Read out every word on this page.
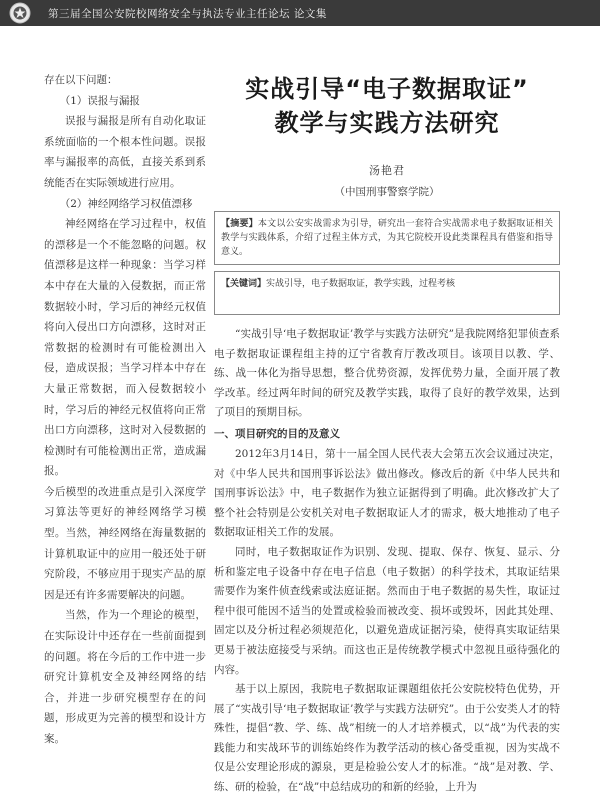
第三届全国公安院校网络安全与执法专业主任论坛 论文集

存在以下问题：

（1）误报与漏报

误报与漏报是所有自动化取证系统面临的一个根本性问题。误报率与漏报率的高低，直接关系到系统能否在实际领域进行应用。

（2）神经网络学习权值漂移

神经网络在学习过程中，权值的漂移是一个不能忽略的问题。权值漂移是这样一种现象：当学习样本中存在大量的入侵数据，而正常数据较小时，学习后的神经元权值将向入侵出口方向漂移，这时对正常数据的检测时有可能检测出入侵，造成误报；当学习样本中存在大量正常数据，而入侵数据较小时，学习后的神经元权值将向正常出口方向漂移，这时对入侵数据的检测时有可能检测出正常，造成漏报。

今后模型的改进重点是引入深度学习算法等更好的神经网络学习模型。当然，神经网络在海量数据的计算机取证中的应用一般还处于研究阶段，不够应用于现实产品的原因是还有许多需要解决的问题。

当然，作为一个理论的模型，在实际设计中还存在一些前面提到的问题。将在今后的工作中进一步研究计算机安全及神经网络的结合，并进一步研究模型存在的问题，形成更为完善的模型和设计方案。

实战引导“电子数据取证”
教学与实践方法研究
汤艳君
（中国刑事警察学院）

【摘要】本文以公安实战需求为引导，研究出一套符合实战需求电子数据取证相关教学与实践体系，介绍了过程主体方式，为其它院校开设此类课程具有借鉴和指导意义。

【关键词】实战引导，电子数据取证，教学实践，过程考核

“实战引导‘电子数据取证’教学与实践方法研究”是我院网络犯罪侦查系电子数据取证课程组主持的辽宁省教育厅教改项目。该项目以教、学、练、战一体化为指导思想，整合优势资源，发挥优势力量，全面开展了教学改革。经过两年时间的研究及教学实践，取得了良好的教学效果，达到了项目的预期目标。

一、项目研究的目的及意义

2012年3月14日，第十一届全国人民代表大会第五次会议通过决定，对《中华人民共和国刑事诉讼法》做出修改。修改后的新《中华人民共和国刑事诉讼法》中，电子数据作为独立证据得到了明确。此次修改扩大了整个社会特别是公安机关对电子数据取证人才的需求，极大地推动了电子数据取证相关工作的发展。

同时，电子数据取证作为识别、发现、提取、保存、恢复、显示、分析和鉴定电子设备中存在电子信息（电子数据）的科学技术，其取证结果需要作为案件侦查线索或法庭证据。然而由于电子数据的易失性，取证过程中很可能因不适当的处置或检验而被改变、损坏或毁坏，因此其处理、固定以及分析过程必须规范化，以避免造成证据污染，使得真实取证结果更易于被法庭接受与采纳。而这也正是传统教学模式中忽视且亟待强化的内容。

基于以上原因，我院电子数据取证课题组依托公安院校特色优势，开展了“实战引导‘电子数据取证’教学与实践方法研究”。由于公安类人才的特殊性，提倡“教、学、练、战”相统一的人才培养模式，以“战”为代表的实践能力和实战环节的训练始终作为教学活动的核心备受重视，因为实战不仅是公安理论形成的源泉，更是检验公安人才的标准。“战”是对教、学、练、研的检验，在“战”中总结成功的和新的经验，上升为
